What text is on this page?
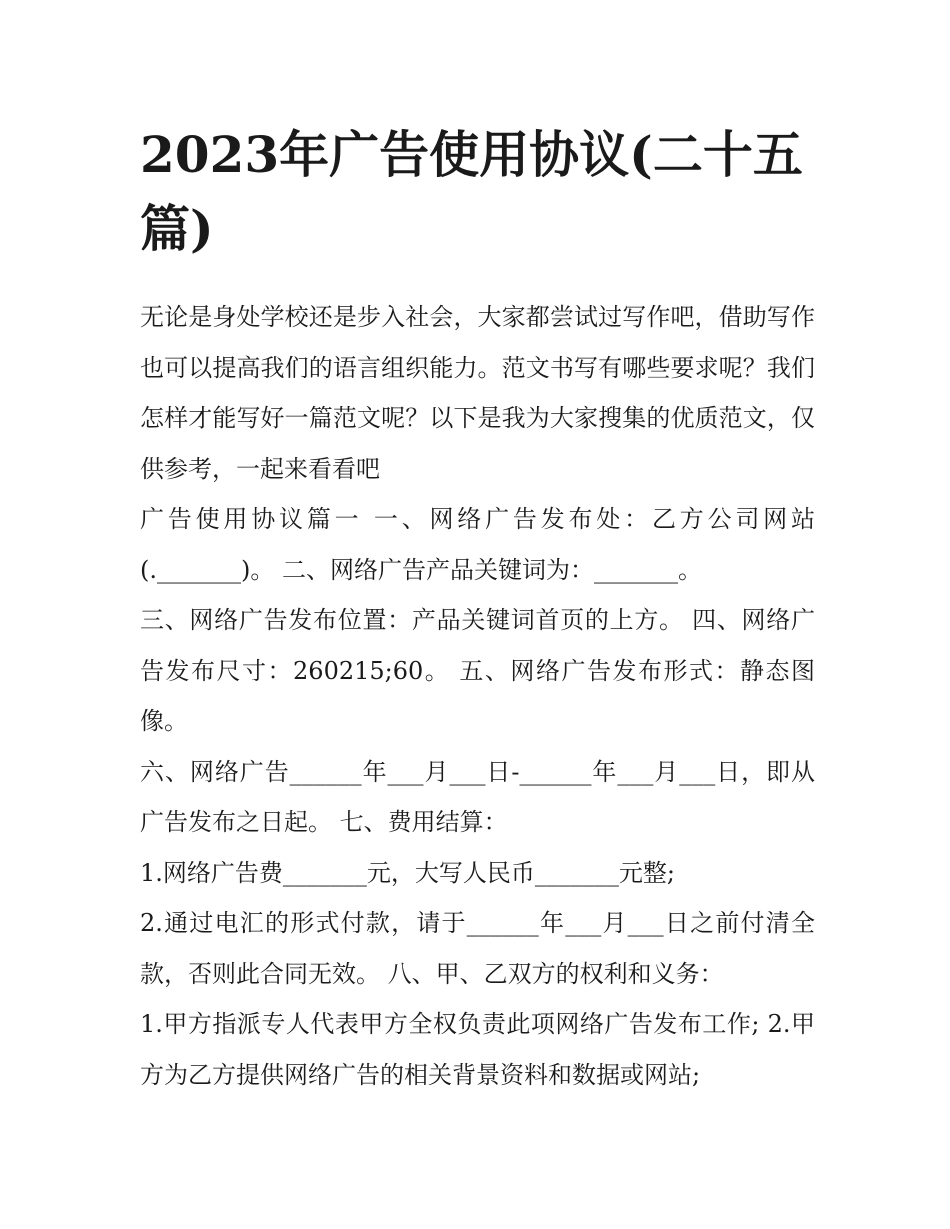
2023年广告使用协议(二十五篇)

无论是身处学校还是步入社会，大家都尝试过写作吧，借助写作也可以提高我们的语言组织能力。范文书写有哪些要求呢？我们怎样才能写好一篇范文呢？以下是我为大家搜集的优质范文，仅供参考，一起来看看吧

广告使用协议篇一 一、网络广告发布处：乙方公司网站(._______)。 二、网络广告产品关键词为：_______。

三、网络广告发布位置：产品关键词首页的上方。 四、网络广告发布尺寸：260215;60。 五、网络广告发布形式：静态图像。

六、网络广告______年___月___日-______年___月___日，即从广告发布之日起。 七、费用结算：

1.网络广告费_______元，大写人民币_______元整;

2.通过电汇的形式付款，请于______年___月___日之前付清全款，否则此合同无效。 八、甲、乙双方的权利和义务：

1.甲方指派专人代表甲方全权负责此项网络广告发布工作; 2.甲方为乙方提供网络广告的相关背景资料和数据或网站;
